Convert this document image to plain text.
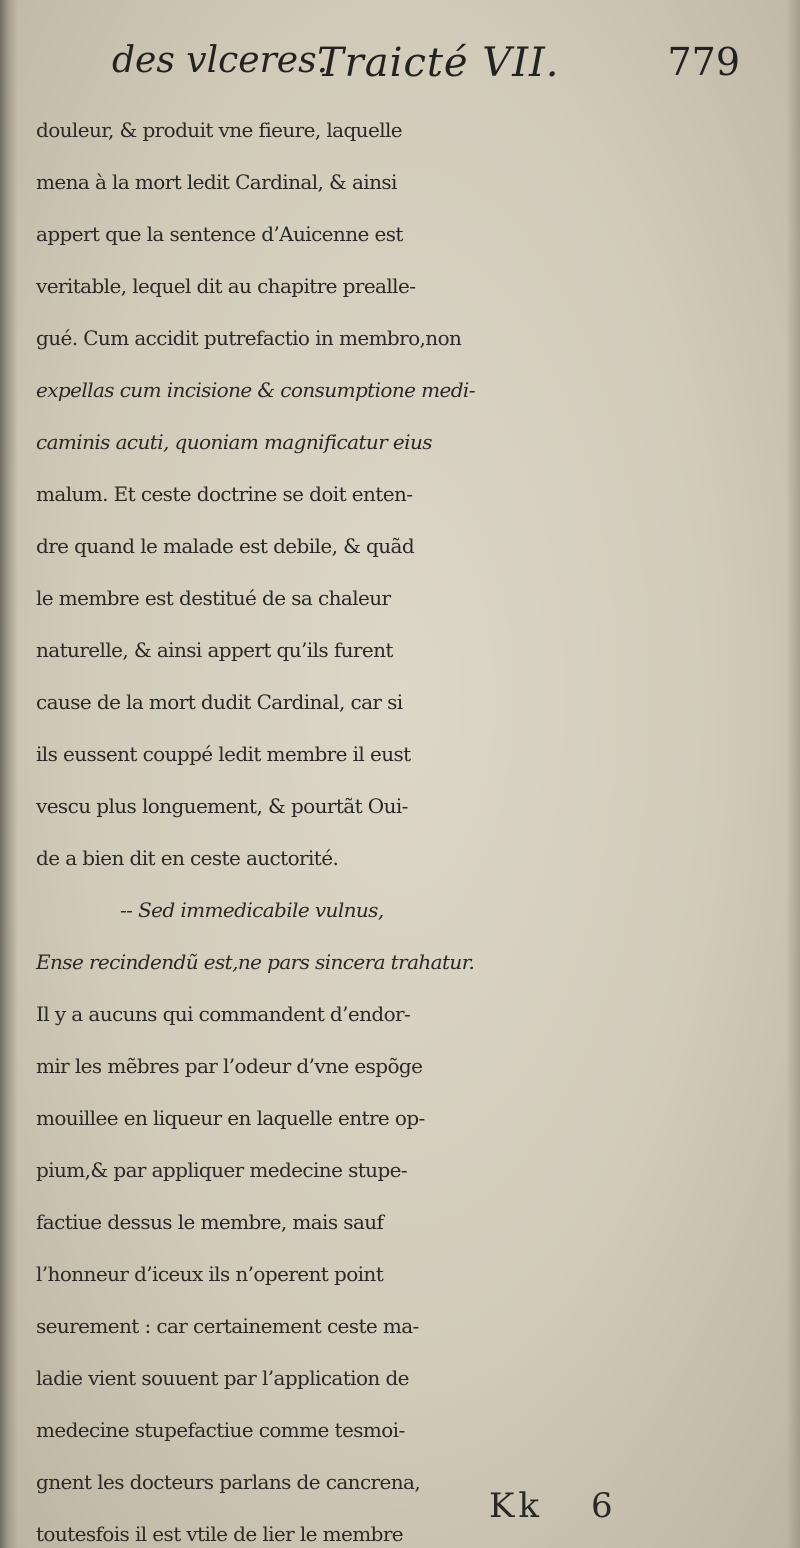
des vlceres.
Traicté VII.	779
douleur, & produit vne fieure, laquelle
mena à la mort ledit Cardinal, & ainsi
appert que la sentence d’Auicenne est
veritable, lequel dit au chapitre prealle-
gué. Cum accidit putrefactio in membro,non
expellas cum incisione & consumptione medi-
caminis acuti, quoniam magnificatur eius
malum. Et ceste doctrine se doit enten-
dre quand le malade est debile, & quãd
le membre est destitué de sa chaleur
naturelle, & ainsi appert qu’ils furent
cause de la mort dudit Cardinal, car si
ils eussent couppé ledit membre il eust
vescu plus longuement, & pourtãt Oui-
de a bien dit en ceste auctorité.
-- Sed immedicabile vulnus,
Ense recindendũ est,ne pars sincera trahatur.
Il y a aucuns qui commandent d’endor-
mir les mẽbres par l’odeur d’vne espõge
mouillee en liqueur en laquelle entre op-
pium,& par appliquer medecine stupe-
factiue dessus le membre, mais sauf
l’honneur d’iceux ils n’operent point
seurement : car certainement ceste ma-
ladie vient souuent par l’application de
medecine stupefactiue comme tesmoi-
gnent les docteurs parlans de cancrena,
toutesfois il est vtile de lier le membre
Kk 6
